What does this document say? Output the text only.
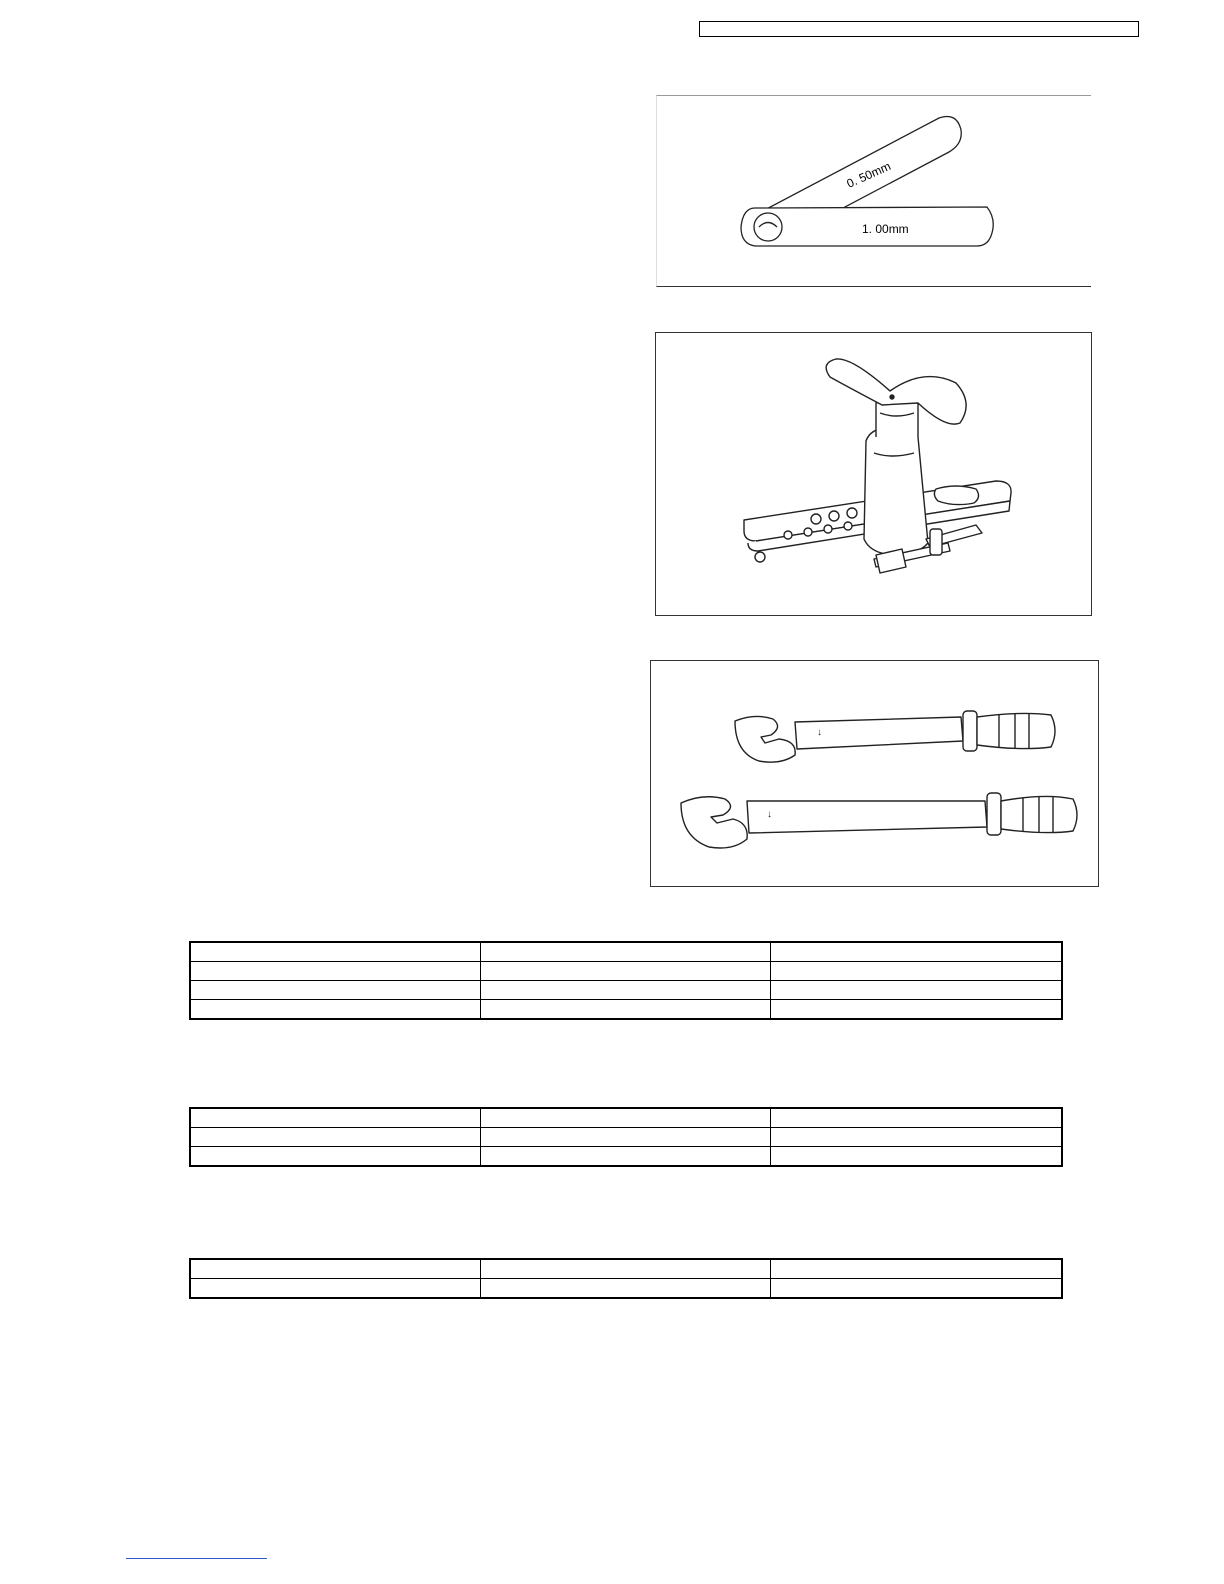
0. 50mm
1. 00mm
↓
↓
